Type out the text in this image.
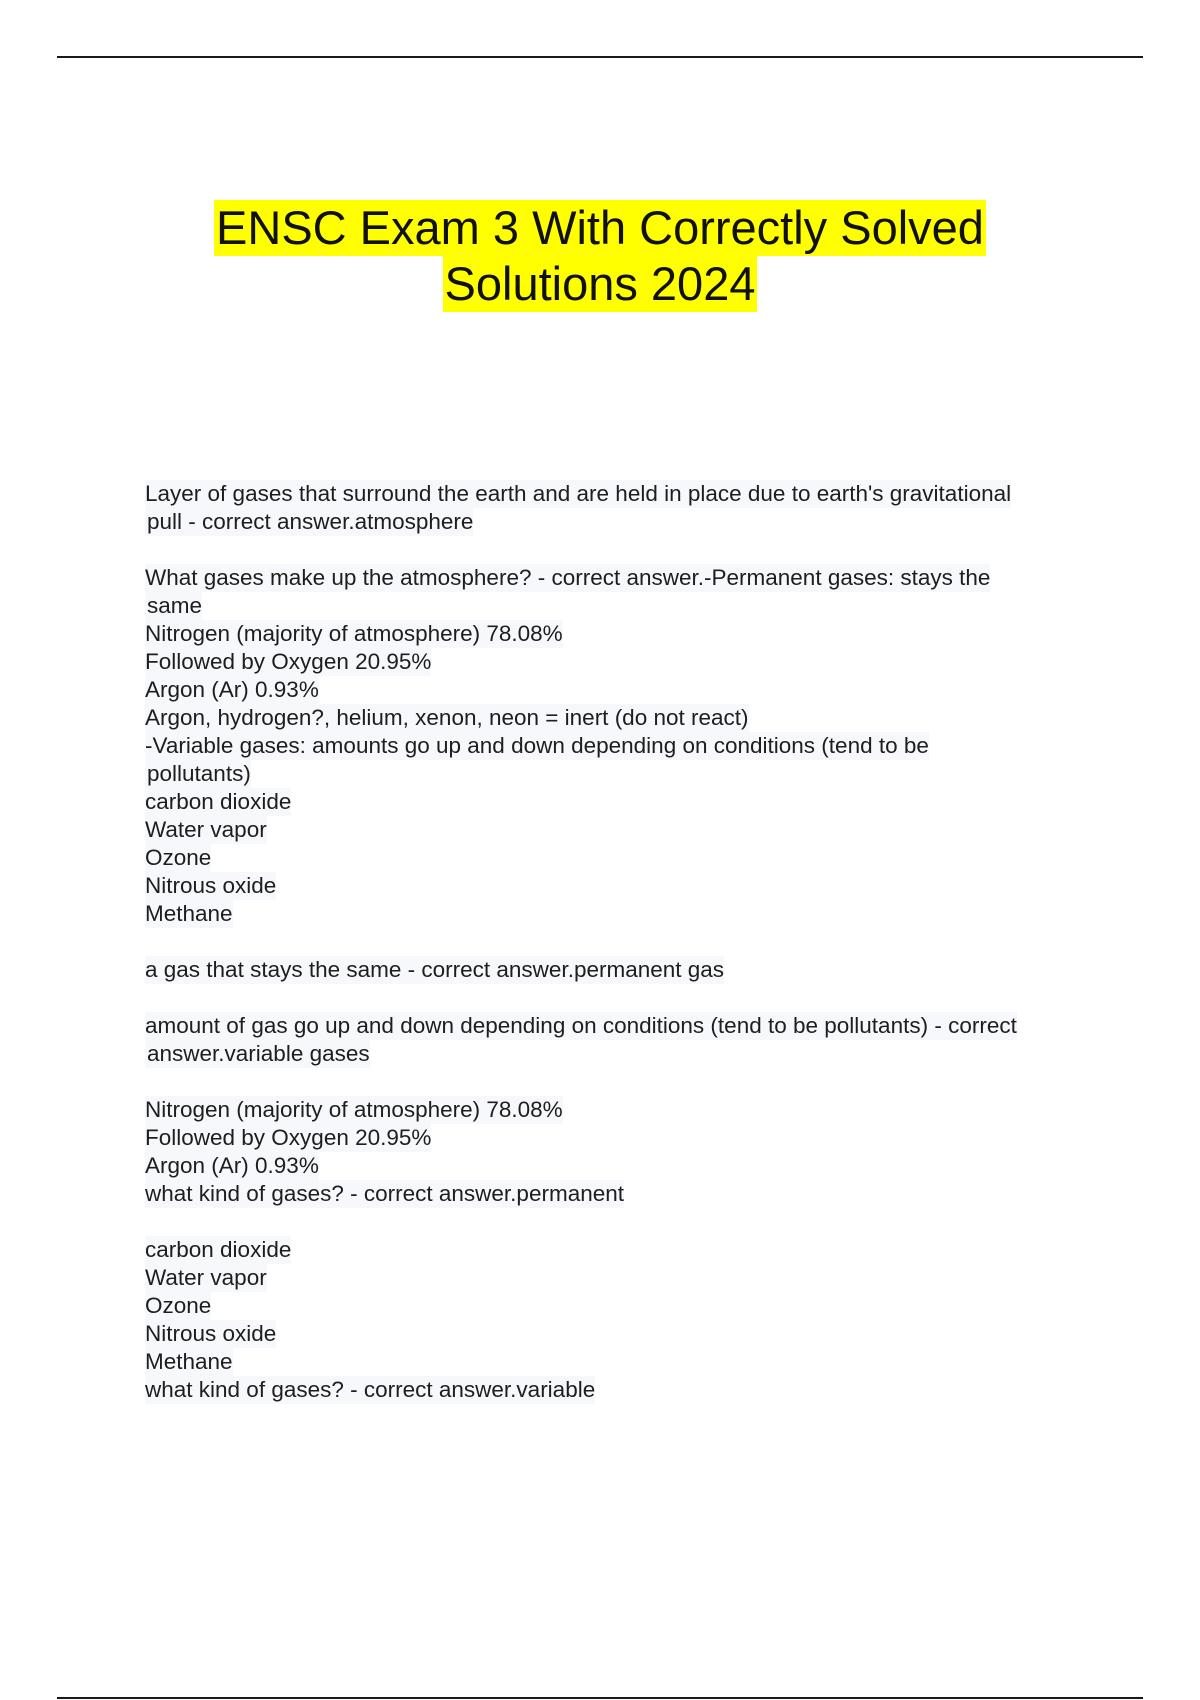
ENSC Exam 3 With Correctly Solved
Solutions 2024
Layer of gases that surround the earth and are held in place due to earth's gravitational
pull - correct answer.atmosphere
What gases make up the atmosphere? - correct answer.-Permanent gases: stays the
same
Nitrogen (majority of atmosphere) 78.08%
Followed by Oxygen 20.95%
Argon (Ar) 0.93%
Argon, hydrogen?, helium, xenon, neon = inert (do not react)
-Variable gases: amounts go up and down depending on conditions (tend to be
pollutants)
carbon dioxide
Water vapor
Ozone
Nitrous oxide
Methane
a gas that stays the same - correct answer.permanent gas
amount of gas go up and down depending on conditions (tend to be pollutants) - correct
answer.variable gases
Nitrogen (majority of atmosphere) 78.08%
Followed by Oxygen 20.95%
Argon (Ar) 0.93%
what kind of gases? - correct answer.permanent
carbon dioxide
Water vapor
Ozone
Nitrous oxide
Methane
what kind of gases? - correct answer.variable
